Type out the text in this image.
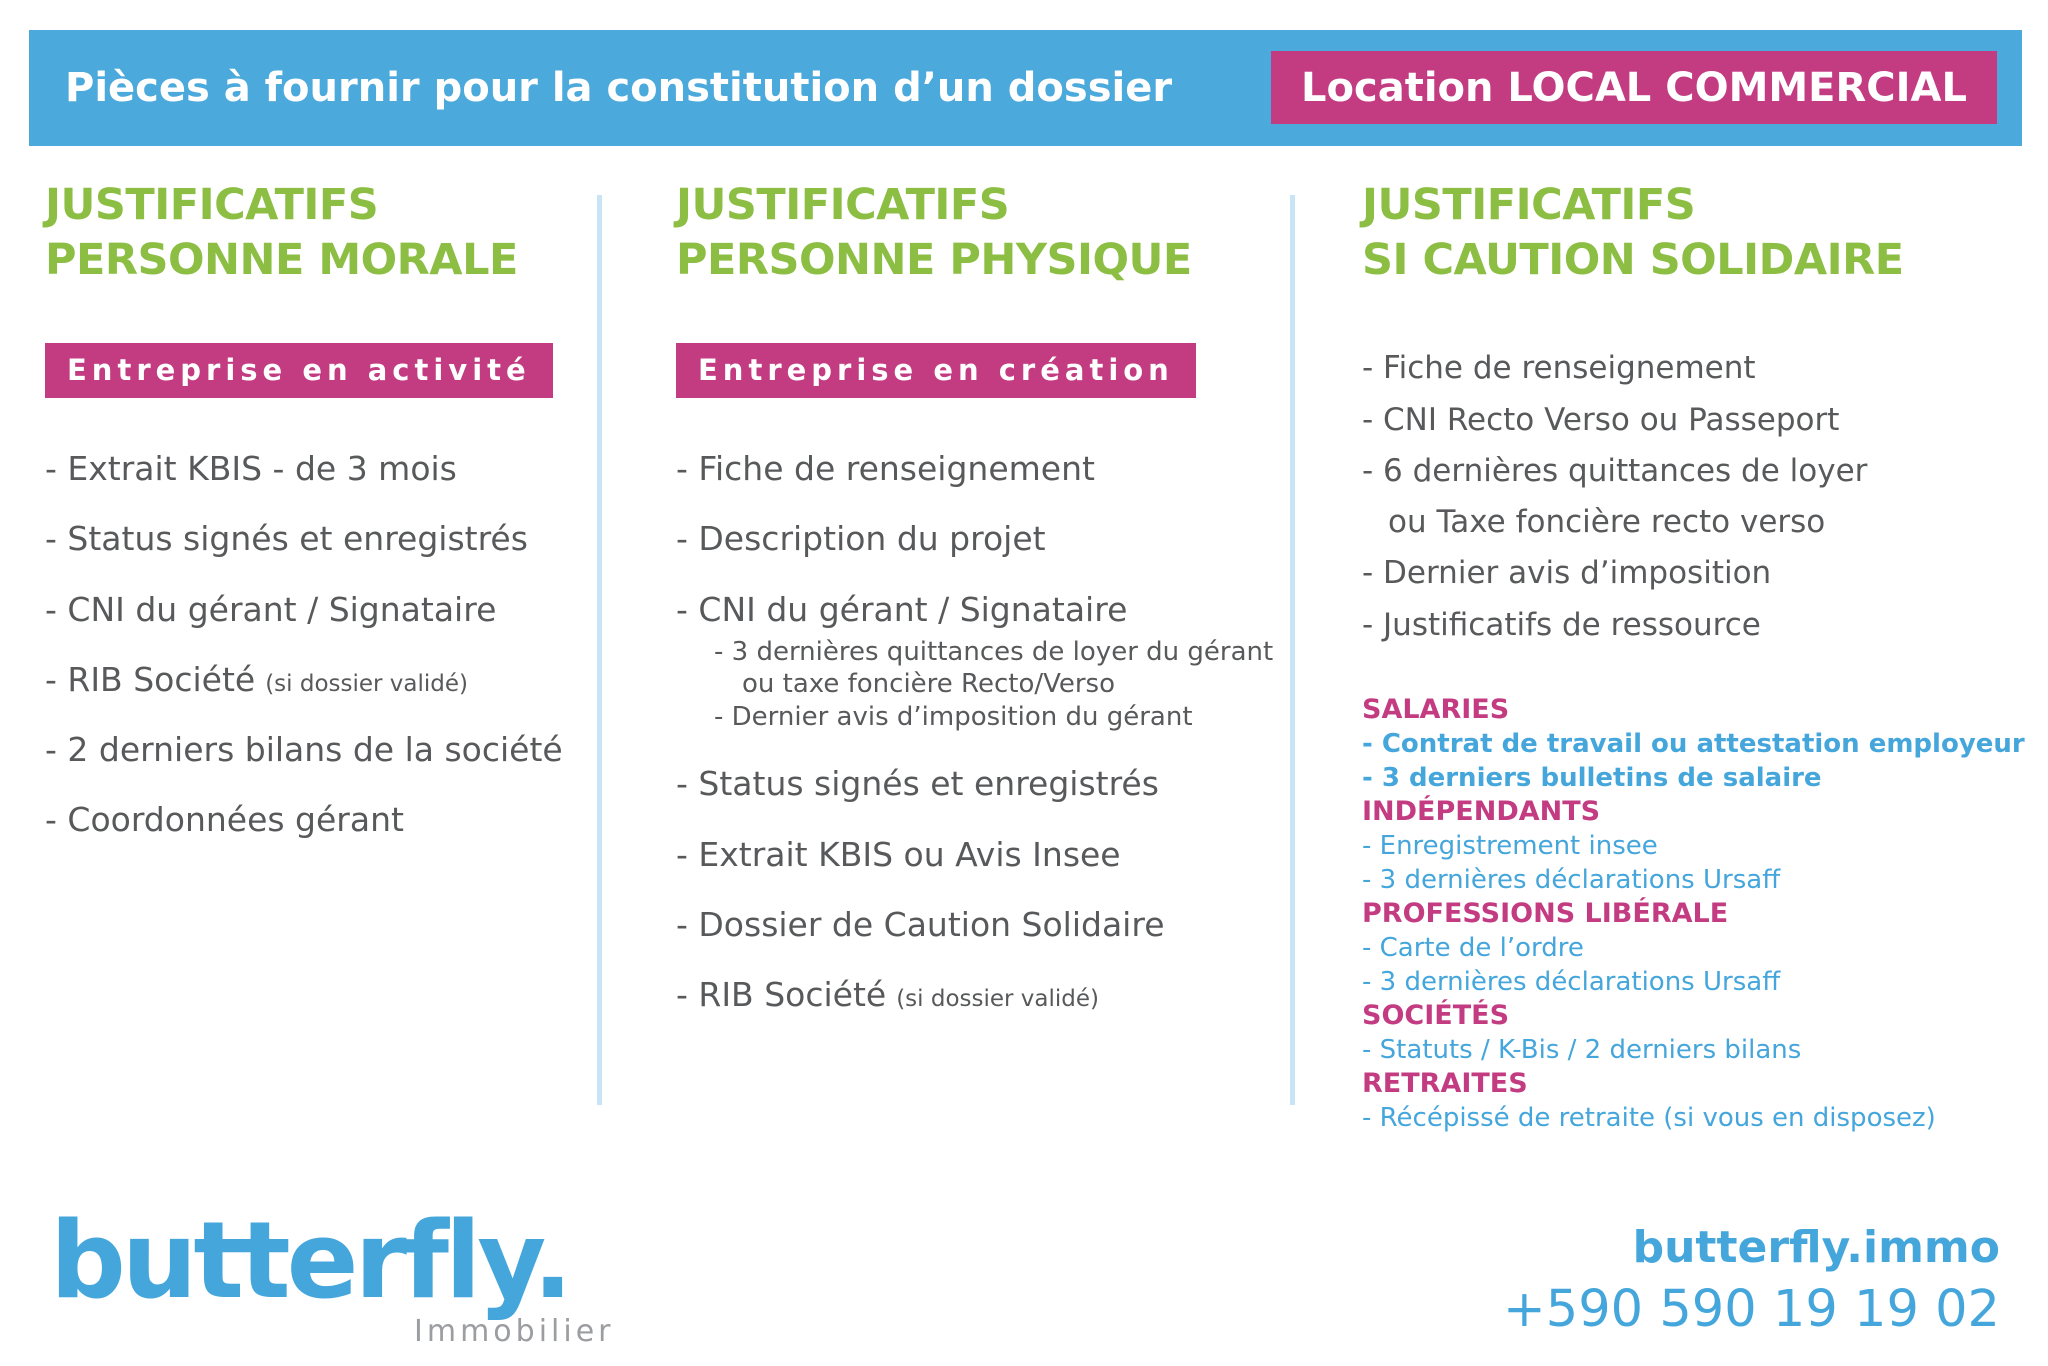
Pièces à fournir pour la constitution d’un dossier	Location LOCAL COMMERCIAL
JUSTIFICATIFS
PERSONNE MORALE
Entreprise en activité
- Extrait KBIS - de 3 mois
- Status signés et enregistrés
- CNI du gérant / Signataire
- RIB Société (si dossier validé)
- 2 derniers bilans de la société
- Coordonnées gérant
JUSTIFICATIFS
PERSONNE PHYSIQUE
Entreprise en création
- Fiche de renseignement
- Description du projet
- CNI du gérant / Signataire
- 3 dernières quittances de loyer du gérant
ou taxe foncière Recto/Verso
- Dernier avis d’imposition du gérant
- Status signés et enregistrés
- Extrait KBIS ou Avis Insee
- Dossier de Caution Solidaire
- RIB Société (si dossier validé)
JUSTIFICATIFS
SI CAUTION SOLIDAIRE
- Fiche de renseignement
- CNI Recto Verso ou Passeport
- 6 dernières quittances de loyer
ou Taxe foncière recto verso
- Dernier avis d’imposition
- Justificatifs de ressource
SALARIES
- Contrat de travail ou attestation employeur
- 3 derniers bulletins de salaire
INDÉPENDANTS
- Enregistrement insee
- 3 dernières déclarations Ursaff
PROFESSIONS LIBÉRALE
- Carte de l’ordre
- 3 dernières déclarations Ursaff
SOCIÉTÉS
- Statuts / K-Bis / 2 derniers bilans
RETRAITES
- Récépissé de retraite (si vous en disposez)
butterfly.
Immobilier
butterfly.immo
+590 590 19 19 02
